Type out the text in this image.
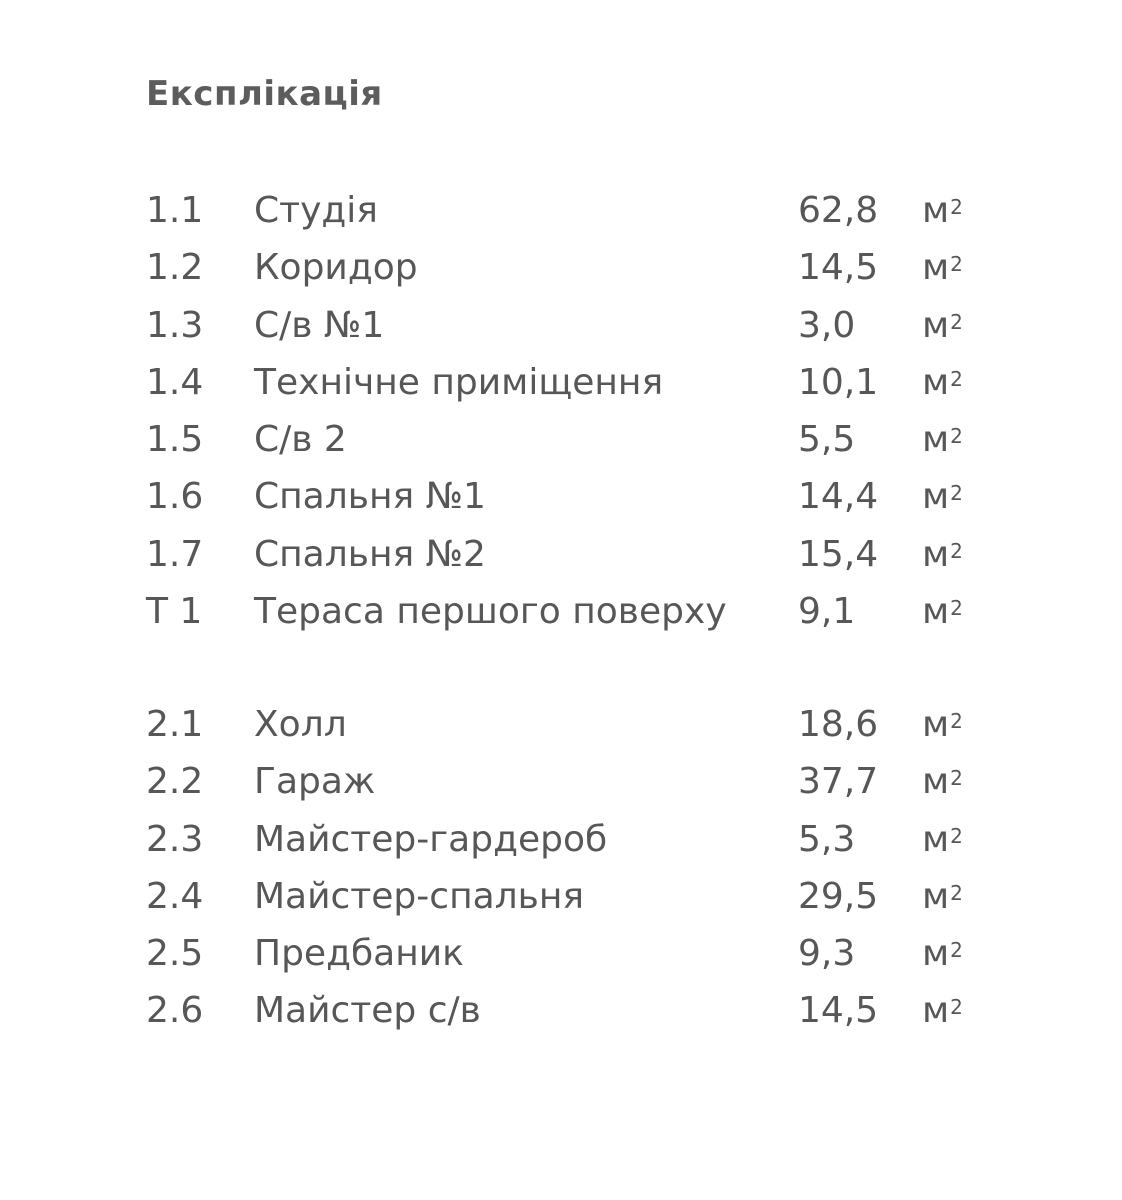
Експлікація
1.1 Студія	62,8 $м^2$
1.2 Коридор	14,5 $м^2$
1.3 С/в №1	3,0 $м^2$
1.4 Технічне приміщення	10,1 $м^2$
1.5 С/в 2	5,5 $м^2$
1.6 Спальня №1	14,4 $м^2$
1.7 Спальня №2	15,4 $м^2$
Т 1 Тераса першого поверху 9,1 $м^2$
2.1 Холл	18,6 $м^2$
2.2 Гараж	37,7 $м^2$
2.3 Майстер-гардероб	5,3 $м^2$
2.4 Майстер-спальня	29,5 $м^2$
2.5 Предбаник	9,3 $м^2$
2.6 Майстер с/в	14,5 $м^2$
